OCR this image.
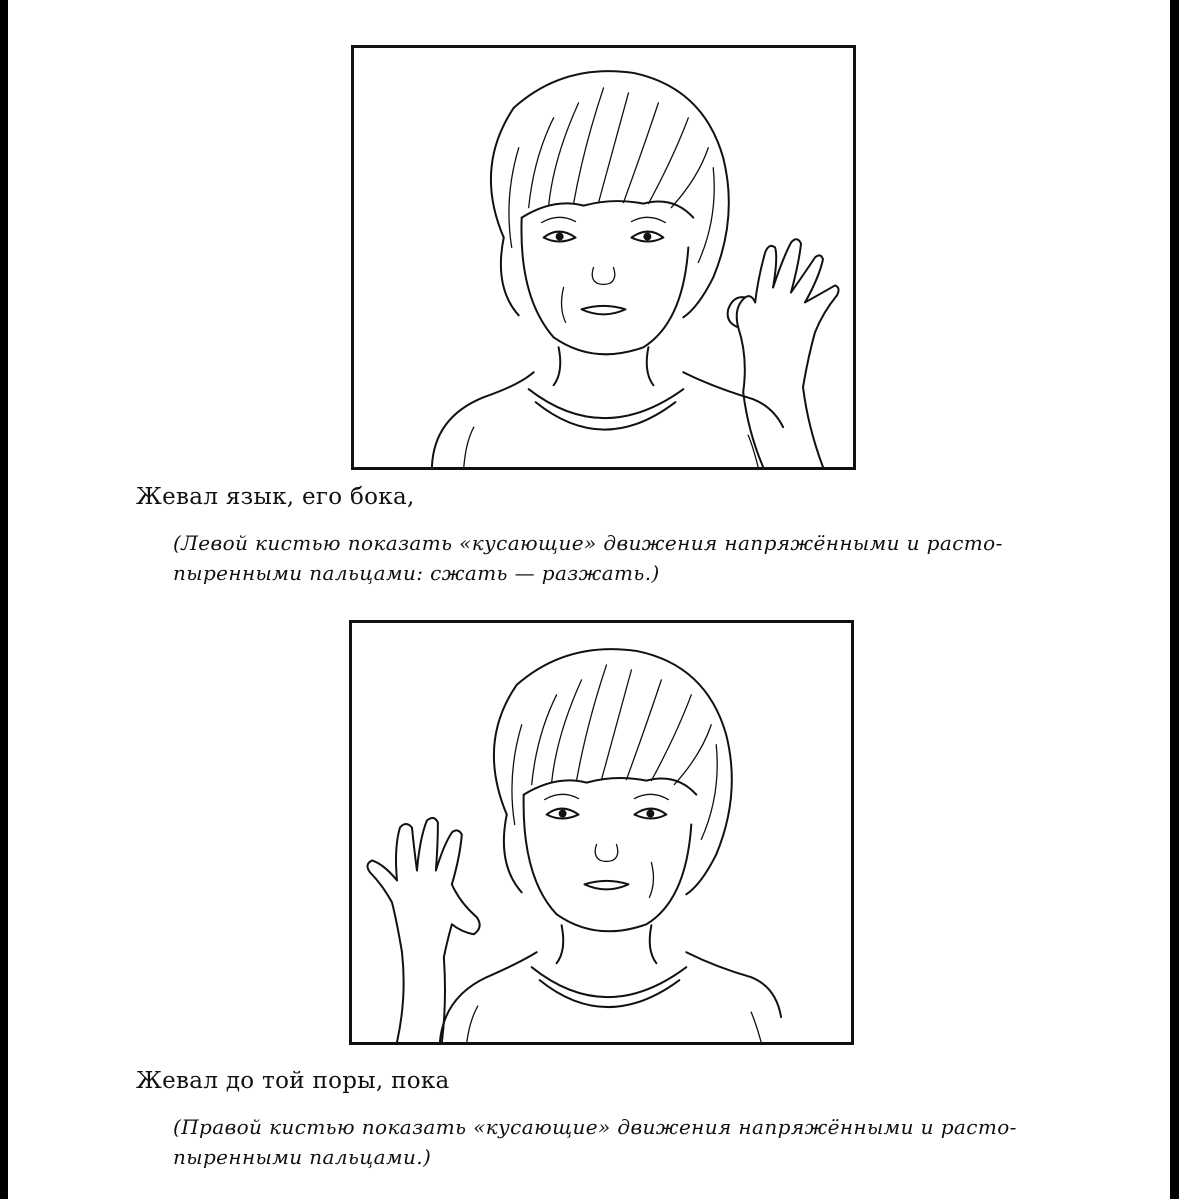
Жевал язык, его бока,
(Левой кистью показать «кусающие» движения напряжёнными и расто-
пыренными пальцами: сжать — разжать.)
Жевал до той поры, пока
(Правой кистью показать «кусающие» движения напряжёнными и расто-
пыренными пальцами.)
